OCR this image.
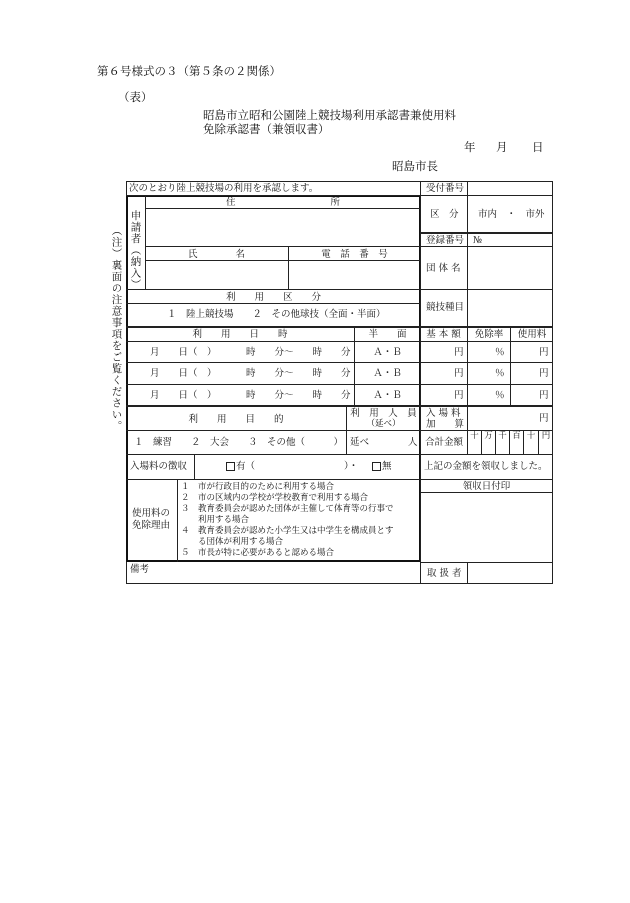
第６号様式の３（第５条の２関係）
（表）
昭島市立昭和公園陸上競技場利用承認書兼使用料
免除承認書（兼領収書）
年 月 日
昭島市長
（注）裏面の注意事項をご覧ください。
次のとおり陸上競技場の利用を承認します。
申請者（納入）
住　　　　　　　　　　所
氏　　　　名	電　話　番　号
利　　用　　区　　分
１　陸上競技場　　２　その他球技（全面・半面）
利　　用　　日　　時	半　　面
月　　日（　）	時　　分〜　　時　　分	Ａ・Ｂ
月　　日（　）	時　　分〜　　時　　分	Ａ・Ｂ
月　　日（　）	時　　分〜　　時　　分	Ａ・Ｂ
利　　用　　目　　的
利　用　人　員
（延べ）
１　練習　　２　大会　　３　その他（　　　） 延べ	人
入場料の徴収	有（	）・ 無
使用料の
免除理由
１　市が行政目的のために利用する場合
２　市の区域内の学校が学校教育で利用する場合
３　教育委員会が認めた団体が主催して体育等の行事で
　　利用する場合
４　教育委員会が認めた小学生又は中学生を構成員とす
　　る団体が利用する場合
５　市長が特に必要があると認める場合
備考
受付番号
区　分 市内　・　市外
登録番号 №
団 体 名
競技種目
基 本 額	免除率	使用料
円	％	円
円	％	円
円	％	円
入 場 料
加　　算
円
合計金額
十 万 千 百 十 円
上記の金額を領収しました。
領収日付印
取 扱 者
